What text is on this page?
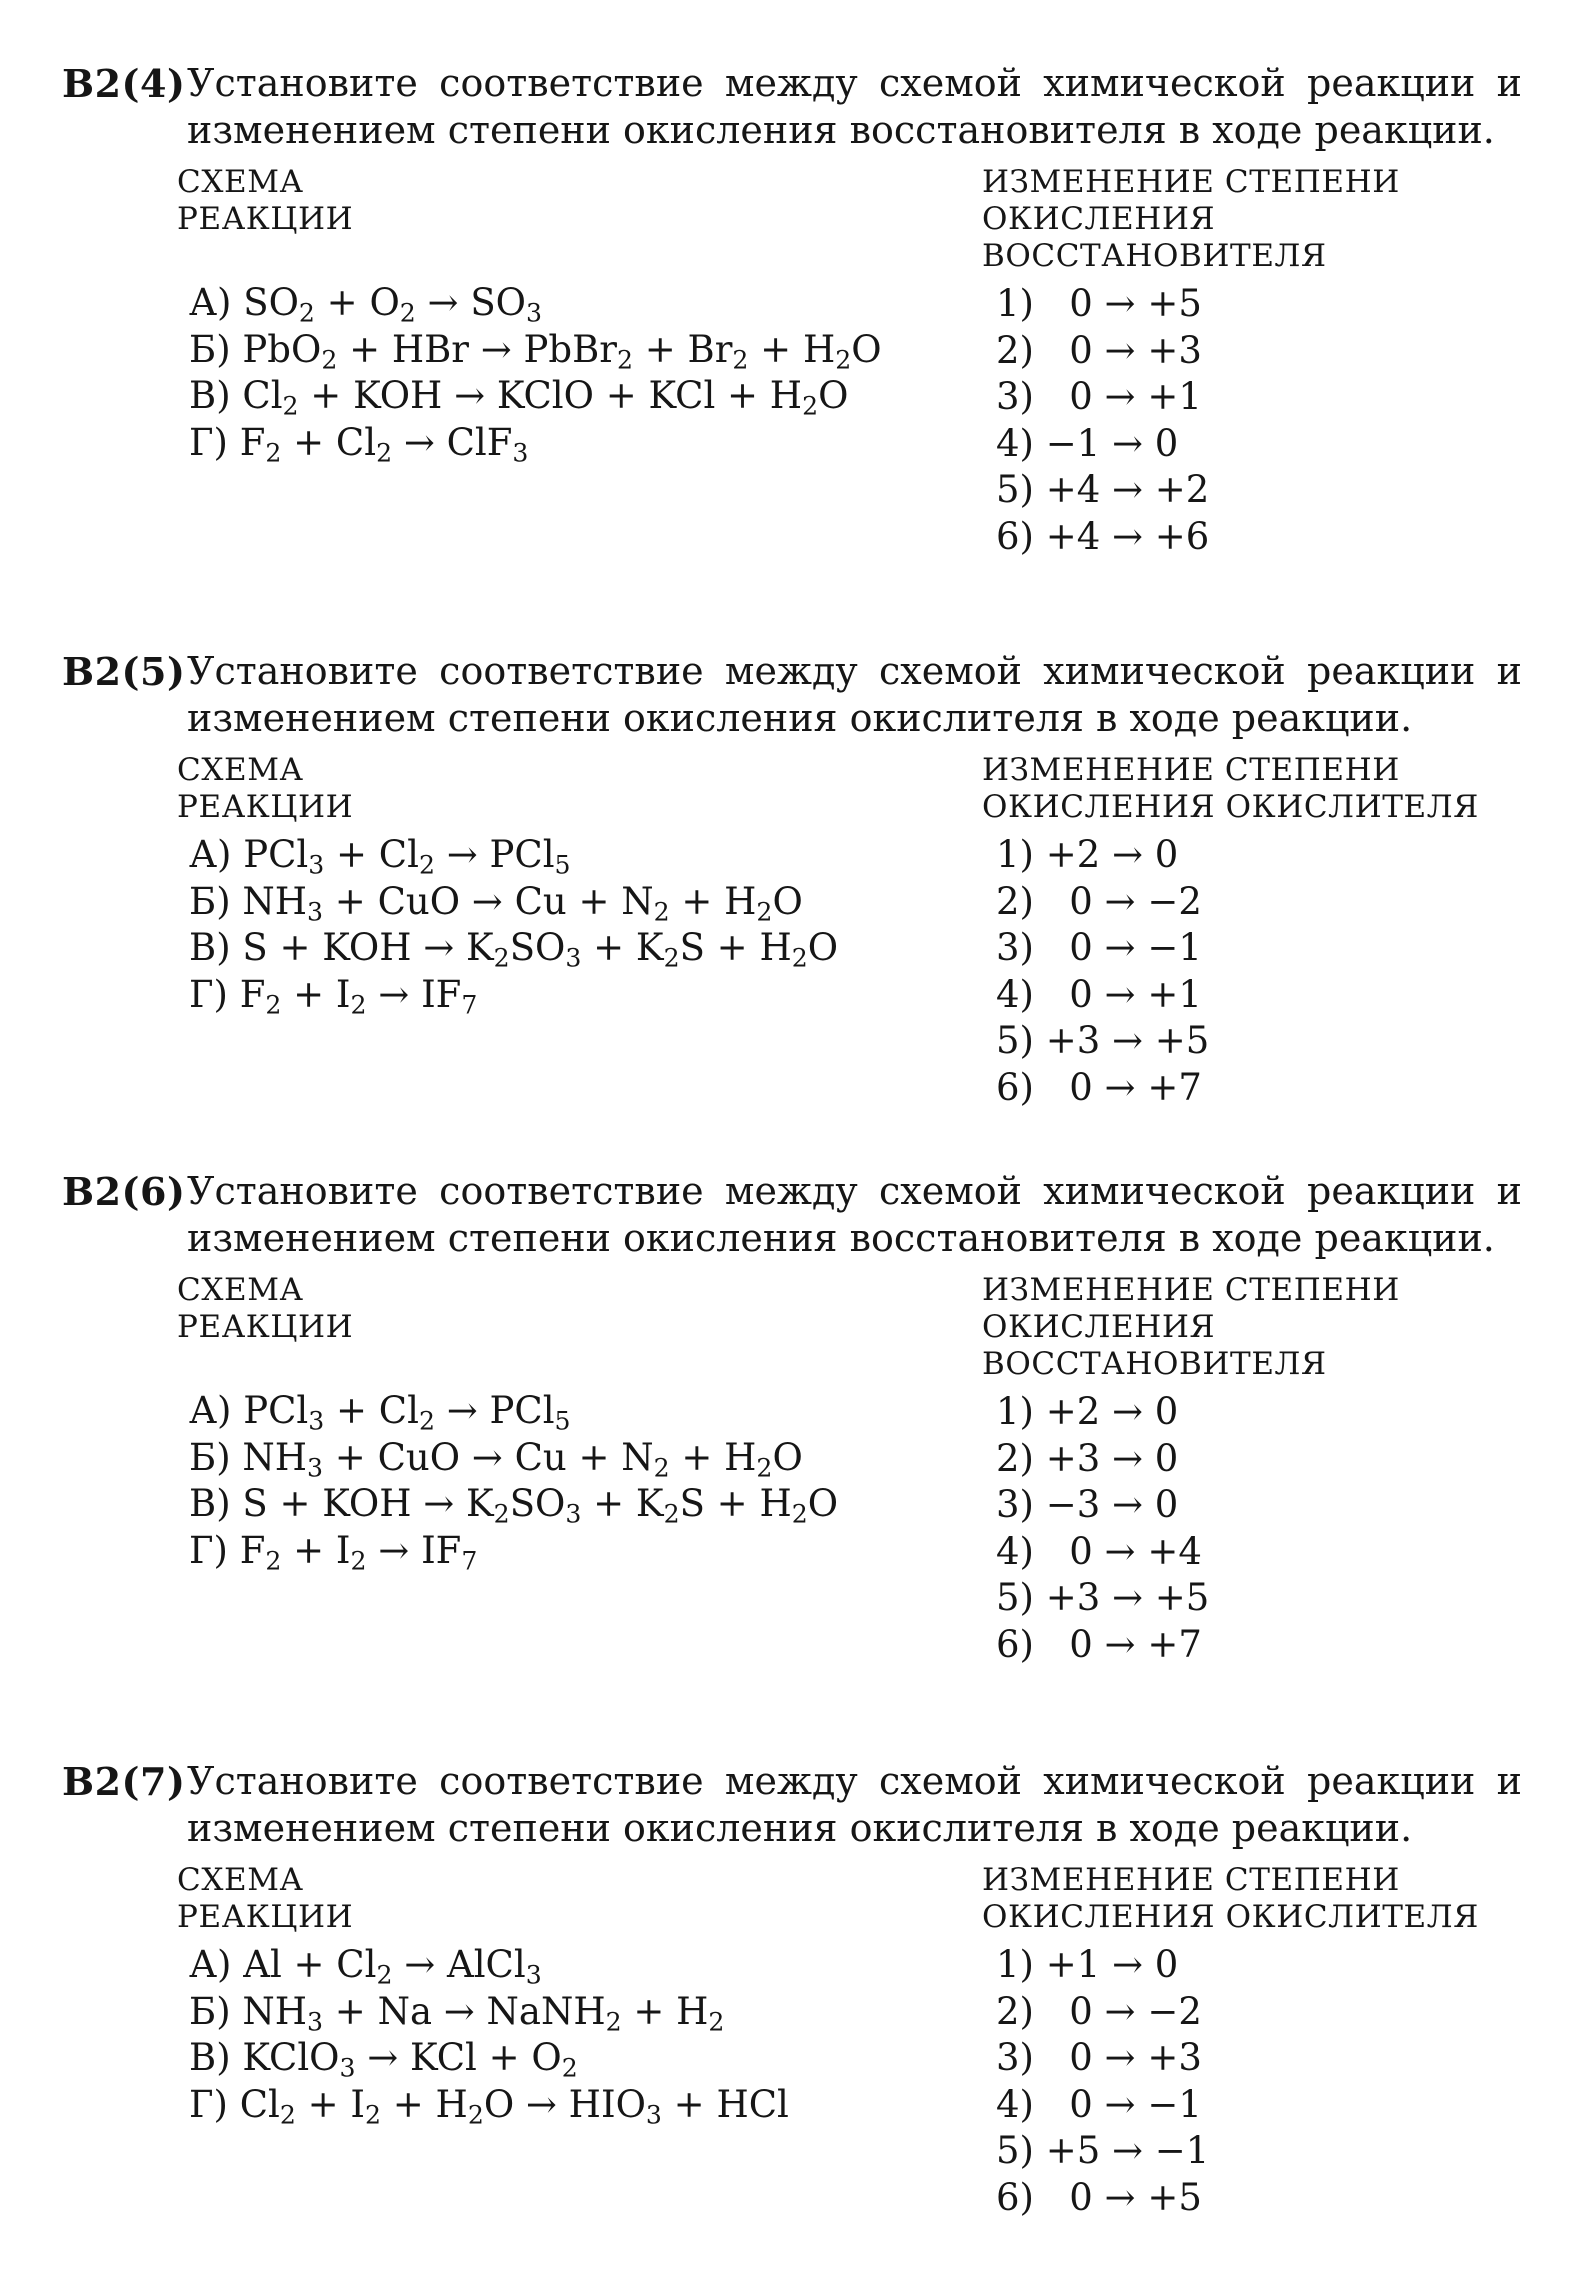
B2(4) Установите соответствие между схемой химической реакции и изменением степени окисления восстановителя в ходе реакции.
СХЕМА
РЕАКЦИИ
А) $SO_2 + O_2 \to SO_3$
Б) PbO$_2$ + HBr → PbBr$_2$ + $Br_2 + H_2O$
В) $Cl_2$ + KOH → KClO + KCl + $H_2O$
Г) $F_2 + Cl_2 \to ClF_3$
ИЗМЕНЕНИЕ СТЕПЕНИ
ОКИСЛЕНИЯ
ВОССТАНОВИТЕЛЯ
1)   0 → +5
2)   0 → +3
3)   0 → +1
4) −1 → 0
5) +4 → +2
6) +4 → +6
B2(5) Установите соответствие между схемой химической реакции и изменением степени окисления окислителя в ходе реакции.
СХЕМА
РЕАКЦИИ
А) $PCl_3 + Cl_2 \to PCl_5$
Б) $NH_3$ + CuO → $Cu + N_2 + H_2O$
В) S + KOH → $K_2SO_3 + K_2S + H_2O$
Г) $F_2 + I_2 \to IF_7$
ИЗМЕНЕНИЕ СТЕПЕНИ
ОКИСЛЕНИЯ ОКИСЛИТЕЛЯ
1) +2 → 0
2)   0 → −2
3)   0 → −1
4)   0 → +1
5) +3 → +5
6)   0 → +7
B2(6) Установите соответствие между схемой химической реакции и изменением степени окисления восстановителя в ходе реакции.
СХЕМА
РЕАКЦИИ
А) $PCl_3 + Cl_2 \to PCl_5$
Б) $NH_3$ + CuO → $Cu + N_2 + H_2O$
В) S + KOH → $K_2SO_3 + K_2S + H_2O$
Г) $F_2 + I_2 \to IF_7$
ИЗМЕНЕНИЕ СТЕПЕНИ
ОКИСЛЕНИЯ
ВОССТАНОВИТЕЛЯ
1) +2 → 0
2) +3 → 0
3) −3 → 0
4)   0 → +4
5) +3 → +5
6)   0 → +7
B2(7) Установите соответствие между схемой химической реакции и изменением степени окисления окислителя в ходе реакции.
СХЕМА
РЕАКЦИИ
А) $Al + Cl_2$ → AlCl$_3$
Б) $NH_3 + Na$ → NaNH$_2$ + $H_2$
В) KClO$_3$ → KCl + $O_2$
Г) $Cl_2 + I_2 + H_2O \to HIO_3$ + HCl
ИЗМЕНЕНИЕ СТЕПЕНИ
ОКИСЛЕНИЯ ОКИСЛИТЕЛЯ
1) +1 → 0
2)   0 → −2
3)   0 → +3
4)   0 → −1
5) +5 → −1
6)   0 → +5
